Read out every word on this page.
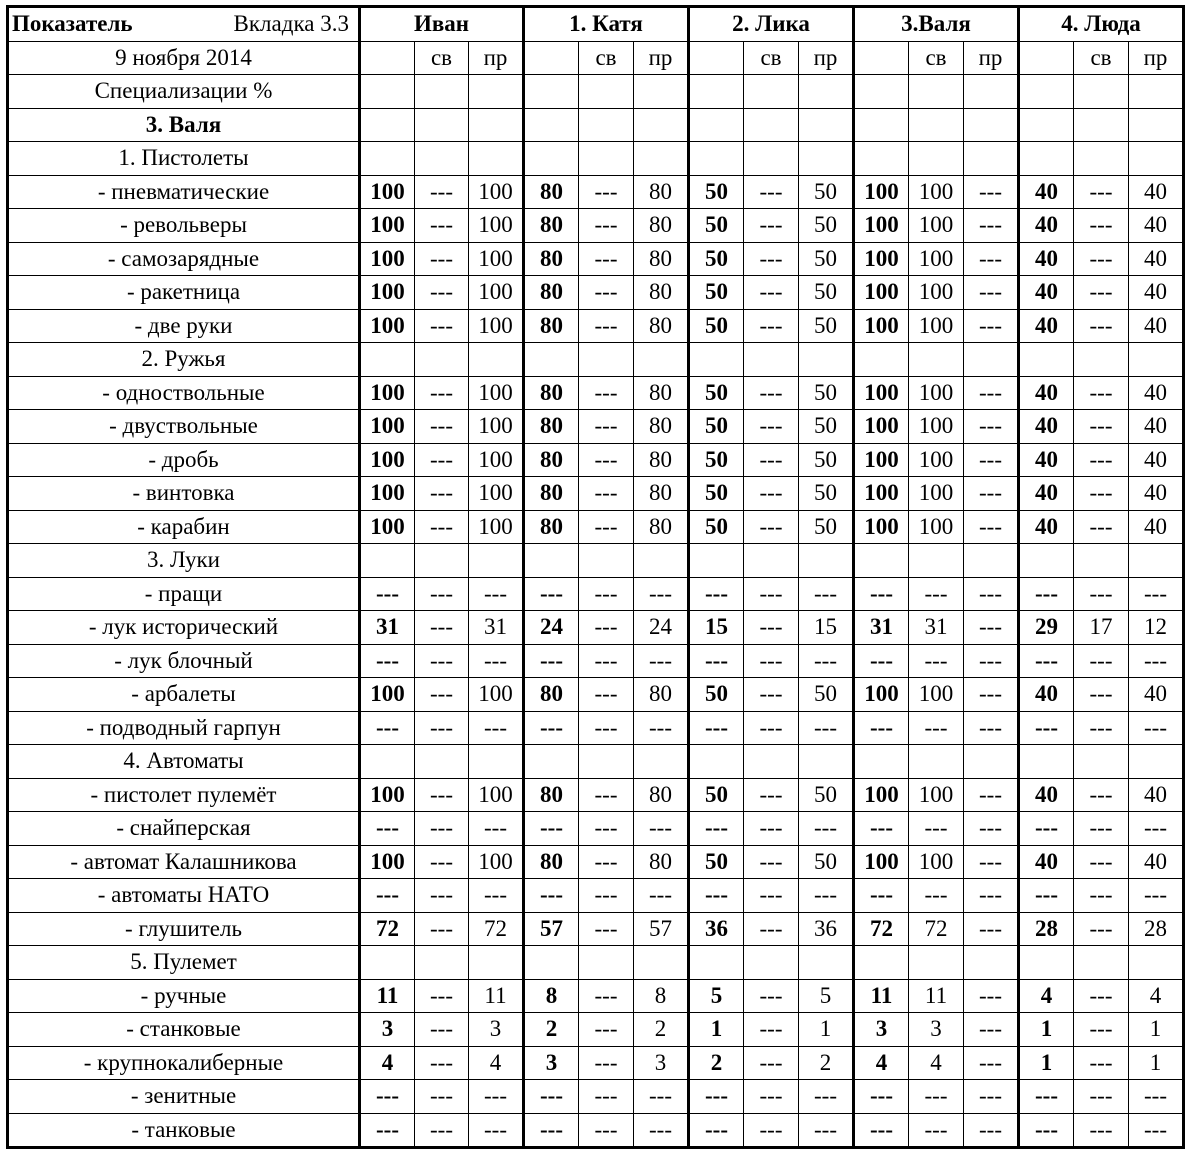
Показатель Вкладка 3.3	Иван			1. Катя			2. Лика			3.Валя			4. Люда		
9 ноября 2014		св	пр		св	пр		св	пр		св	пр		св	пр
Специализации %															
3. Валя															
1. Пистолеты															
- пневматические	100	---	100	80	---	80	50	---	50	100	100	---	40	---	40
- револьверы	100	---	100	80	---	80	50	---	50	100	100	---	40	---	40
- самозарядные	100	---	100	80	---	80	50	---	50	100	100	---	40	---	40
- ракетница	100	---	100	80	---	80	50	---	50	100	100	---	40	---	40
- две руки	100	---	100	80	---	80	50	---	50	100	100	---	40	---	40
2. Ружья															
- одноствольные	100	---	100	80	---	80	50	---	50	100	100	---	40	---	40
- двуствольные	100	---	100	80	---	80	50	---	50	100	100	---	40	---	40
- дробь	100	---	100	80	---	80	50	---	50	100	100	---	40	---	40
- винтовка	100	---	100	80	---	80	50	---	50	100	100	---	40	---	40
- карабин	100	---	100	80	---	80	50	---	50	100	100	---	40	---	40
3. Луки															
- пращи	---	---	---	---	---	---	---	---	---	---	---	---	---	---	---
- лук исторический	31	---	31	24	---	24	15	---	15	31	31	---	29	17	12
- лук блочный	---	---	---	---	---	---	---	---	---	---	---	---	---	---	---
- арбалеты	100	---	100	80	---	80	50	---	50	100	100	---	40	---	40
- подводный гарпун	---	---	---	---	---	---	---	---	---	---	---	---	---	---	---
4. Автоматы															
- пистолет пулемёт	100	---	100	80	---	80	50	---	50	100	100	---	40	---	40
- снайперская	---	---	---	---	---	---	---	---	---	---	---	---	---	---	---
- автомат Калашникова	100	---	100	80	---	80	50	---	50	100	100	---	40	---	40
- автоматы НАТО	---	---	---	---	---	---	---	---	---	---	---	---	---	---	---
- глушитель	72	---	72	57	---	57	36	---	36	72	72	---	28	---	28
5. Пулемет															
- ручные	11	---	11	8	---	8	5	---	5	11	11	---	4	---	4
- станковые	3	---	3	2	---	2	1	---	1	3	3	---	1	---	1
- крупнокалиберные	4	---	4	3	---	3	2	---	2	4	4	---	1	---	1
- зенитные	---	---	---	---	---	---	---	---	---	---	---	---	---	---	---
- танковые	---	---	---	---	---	---	---	---	---	---	---	---	---	---	---
